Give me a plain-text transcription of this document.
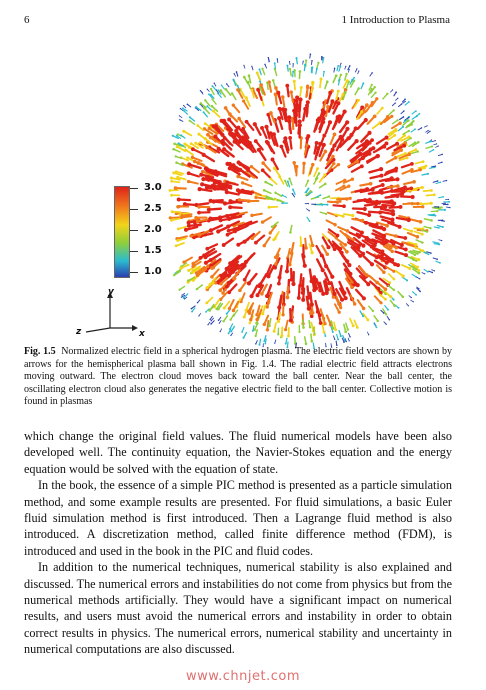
6	1 Introduction to Plasma
3.0
2.5
2.0
1.5
1.0
y
z	x
Fig. 1.5 Normalized electric field in a spherical hydrogen plasma. The electric field vectors are shown by arrows for the hemispherical plasma ball shown in Fig. 1.4. The radial electric field attracts electrons moving outward. The electron cloud moves back toward the ball center. Near the ball center, the oscillating electron cloud also generates the negative electric field to the ball center. Collective motion is found in plasmas

which change the original field values. The fluid numerical models have been also developed well. The continuity equation, the Navier-Stokes equation and the energy equation would be solved with the equation of state.

In the book, the essence of a simple PIC method is presented as a particle simulation method, and some example results are presented. For fluid simulations, a basic Euler fluid simulation method is first introduced. Then a Lagrange fluid method is also introduced. A discretization method, called finite difference method (FDM), is introduced and used in the book in the PIC and fluid codes.

In addition to the numerical techniques, numerical stability is also explained and discussed. The numerical errors and instabilities do not come from physics but from the numerical methods artificially. They would have a significant impact on numerical results, and users must avoid the numerical errors and instability in order to obtain correct results in physics. The numerical errors, numerical stability and uncertainty in numerical computations are also discussed.

www.chnjet.com
